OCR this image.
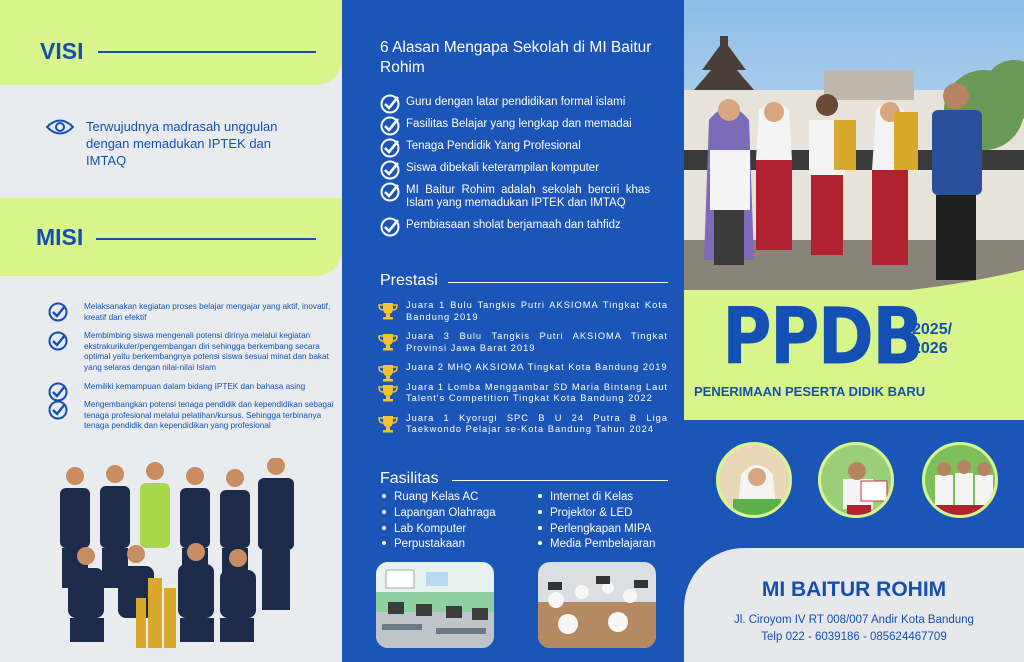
VISI
Terwujudnya madrasah unggulan dengan memadukan IPTEK dan IMTAQ
MISI
Melaksanakan kegiatan proses belajar mengajar yang aktif, inovatif, kreatif dan efektif
Membimbing siswa mengenali potensi dirinya melalui kegiatan ekstrakurikuler/pengembangan diri sehingga berkembang secara optimal yaitu berkembangnya potensi siswa sesuai minat dan bakat yang selaras dengan nilai-nilai Islam
Memiliki kemampuan dalam bidang IPTEK dan bahasa asing
Mengembangkan potensi tenaga pendidik dan kependidikan sebagai tenaga profesional melalui pelatihan/kursus. Sehingga terbinanya tenaga pendidik dan kependidikan yang profesional
6 Alasan Mengapa Sekolah di MI Baitur Rohim
Guru dengan latar pendidikan formal islami
Fasilitas Belajar yang lengkap dan memadai
Tenaga Pendidik Yang Profesional
Siswa dibekali keterampilan komputer
MI Baitur Rohim adalah sekolah berciri khas Islam yang memadukan IPTEK dan IMTAQ
Pembiasaan sholat berjamaah dan tahfidz
Prestasi
Juara 1 Bulu Tangkis Putri AKSIOMA Tingkat Kota Bandung 2019
Juara 3 Bulu Tangkis Putri AKSIOMA Tingkat Provinsi Jawa Barat 2019
Juara 2 MHQ AKSIOMA Tingkat Kota Bandung 2019
Juara 1 Lomba Menggambar SD Maria Bintang Laut Talent's Competition Tingkat Kota Bandung 2022
Juara 1 Kyorugi SPC B U 24 Putra B Liga Taekwondo Pelajar se-Kota Bandung Tahun 2024
Fasilitas
Ruang Kelas AC
Lapangan Olahraga
Lab Komputer
Perpustakaan
Internet di Kelas
Projektor & LED
Perlengkapan MIPA
Media Pembelajaran
PPDB
2025/ 2026
PENERIMAAN PESERTA DIDIK BARU
MI BAITUR ROHIM
Jl. Ciroyom IV RT 008/007 Andir Kota Bandung
Telp 022 - 6039186 - 085624467709
